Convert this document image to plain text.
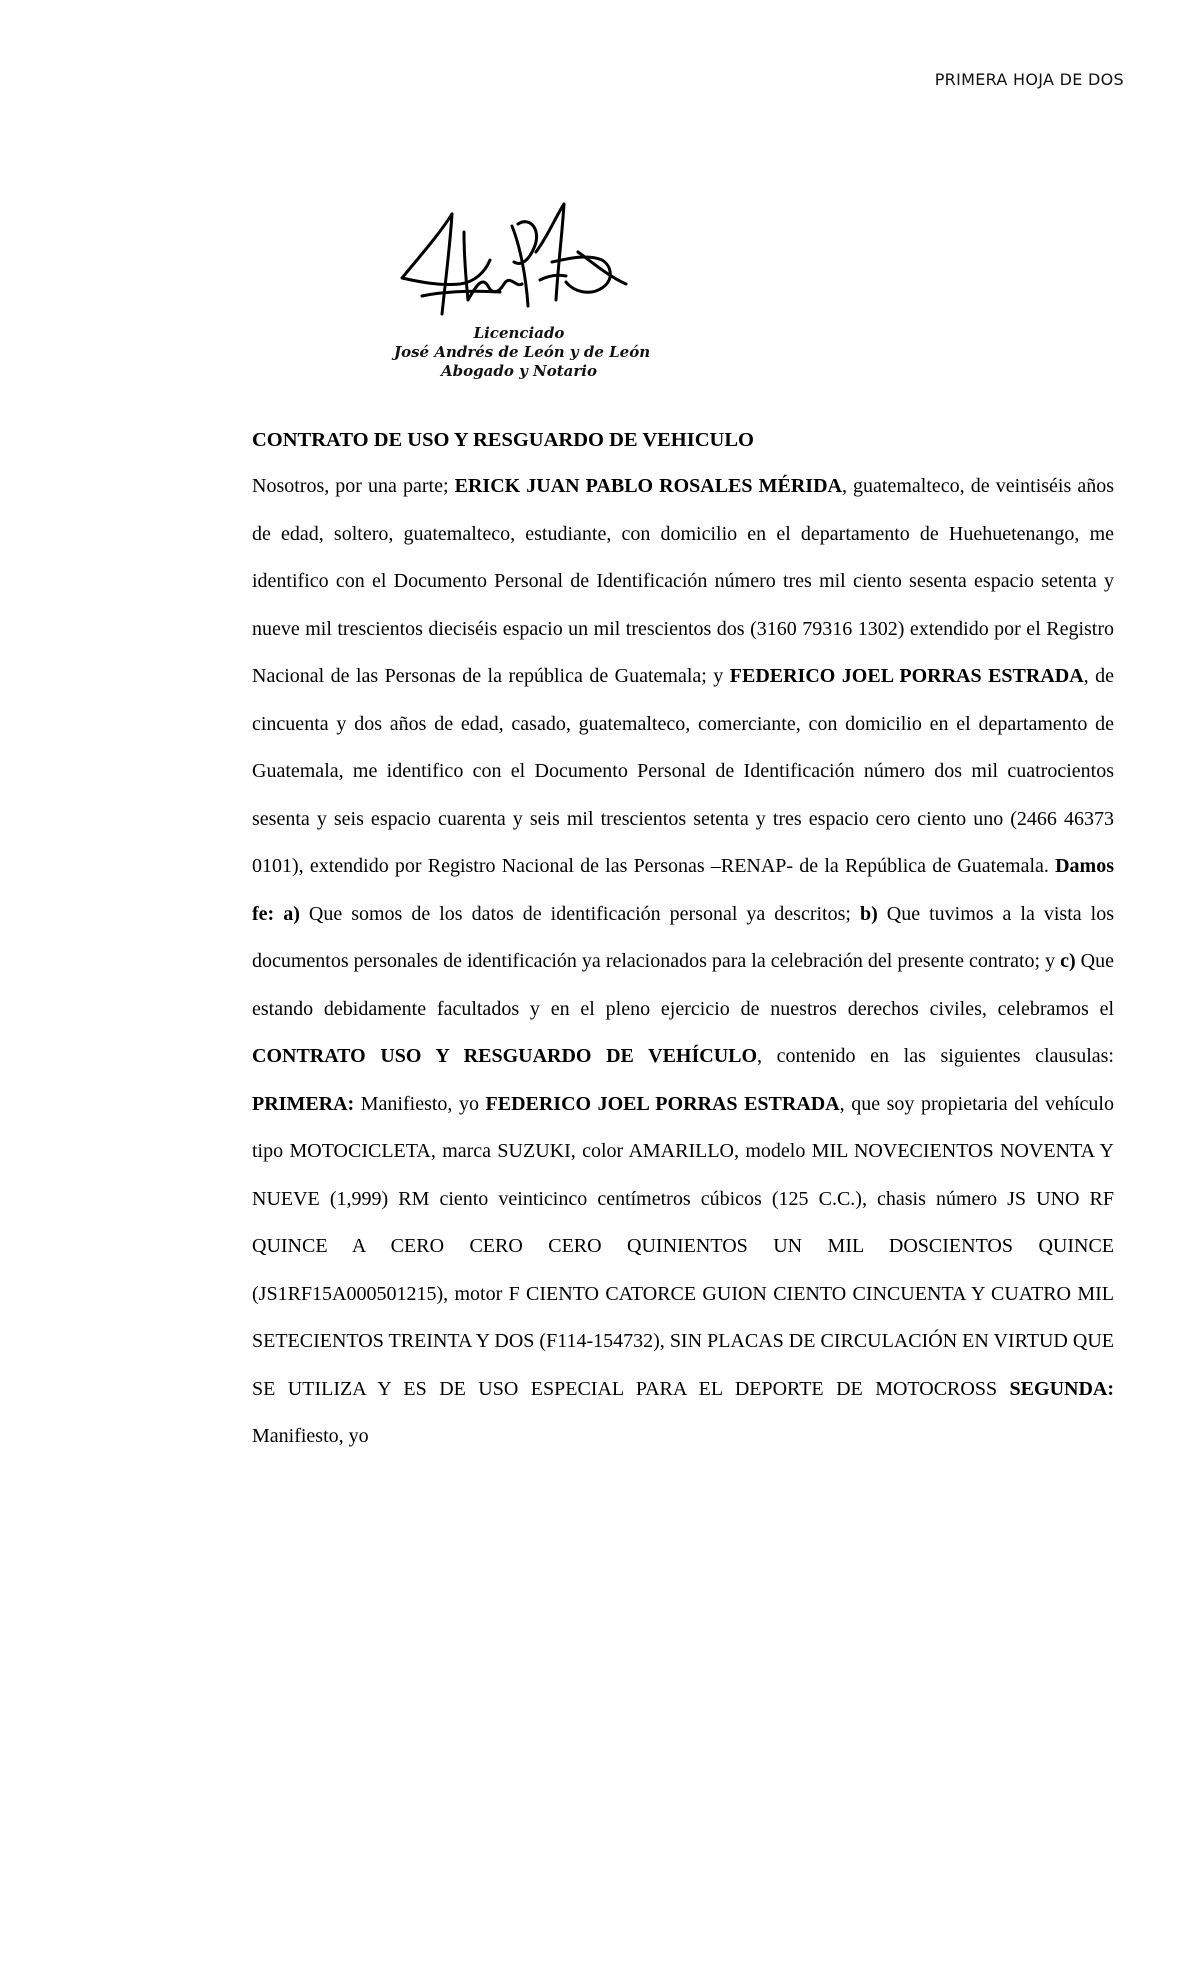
PRIMERA HOJA DE DOS
Licenciado
José Andrés de León y de León
Abogado y Notario
CONTRATO DE USO Y RESGUARDO DE VEHICULO

Nosotros, por una parte; ERICK JUAN PABLO ROSALES MÉRIDA, guatemalteco, de veintiséis años de edad, soltero, guatemalteco, estudiante, con domicilio en el departamento de Huehuetenango, me identifico con el Documento Personal de Identificación número tres mil ciento sesenta espacio setenta y nueve mil trescientos dieciséis espacio un mil trescientos dos (3160 79316 1302) extendido por el Registro Nacional de las Personas de la república de Guatemala; y FEDERICO JOEL PORRAS ESTRADA, de cincuenta y dos años de edad, casado, guatemalteco, comerciante, con domicilio en el departamento de Guatemala, me identifico con el Documento Personal de Identificación número dos mil cuatrocientos sesenta y seis espacio cuarenta y seis mil trescientos setenta y tres espacio cero ciento uno (2466 46373 0101), extendido por Registro Nacional de las Personas –RENAP- de la República de Guatemala. Damos fe: a) Que somos de los datos de identificación personal ya descritos; b) Que tuvimos a la vista los documentos personales de identificación ya relacionados para la celebración del presente contrato; y c) Que estando debidamente facultados y en el pleno ejercicio de nuestros derechos civiles, celebramos el CONTRATO USO Y RESGUARDO DE VEHÍCULO, contenido en las siguientes clausulas: PRIMERA: Manifiesto, yo FEDERICO JOEL PORRAS ESTRADA, que soy propietaria del vehículo tipo MOTOCICLETA, marca SUZUKI, color AMARILLO, modelo MIL NOVECIENTOS NOVENTA Y NUEVE (1,999) RM ciento veinticinco centímetros cúbicos (125 C.C.), chasis número JS UNO RF QUINCE A CERO CERO CERO QUINIENTOS UN MIL DOSCIENTOS QUINCE (JS1RF15A000501215), motor F CIENTO CATORCE GUION CIENTO CINCUENTA Y CUATRO MIL SETECIENTOS TREINTA Y DOS (F114-154732), SIN PLACAS DE CIRCULACIÓN EN VIRTUD QUE SE UTILIZA Y ES DE USO ESPECIAL PARA EL DEPORTE DE MOTOCROSS SEGUNDA: Manifiesto, yo
